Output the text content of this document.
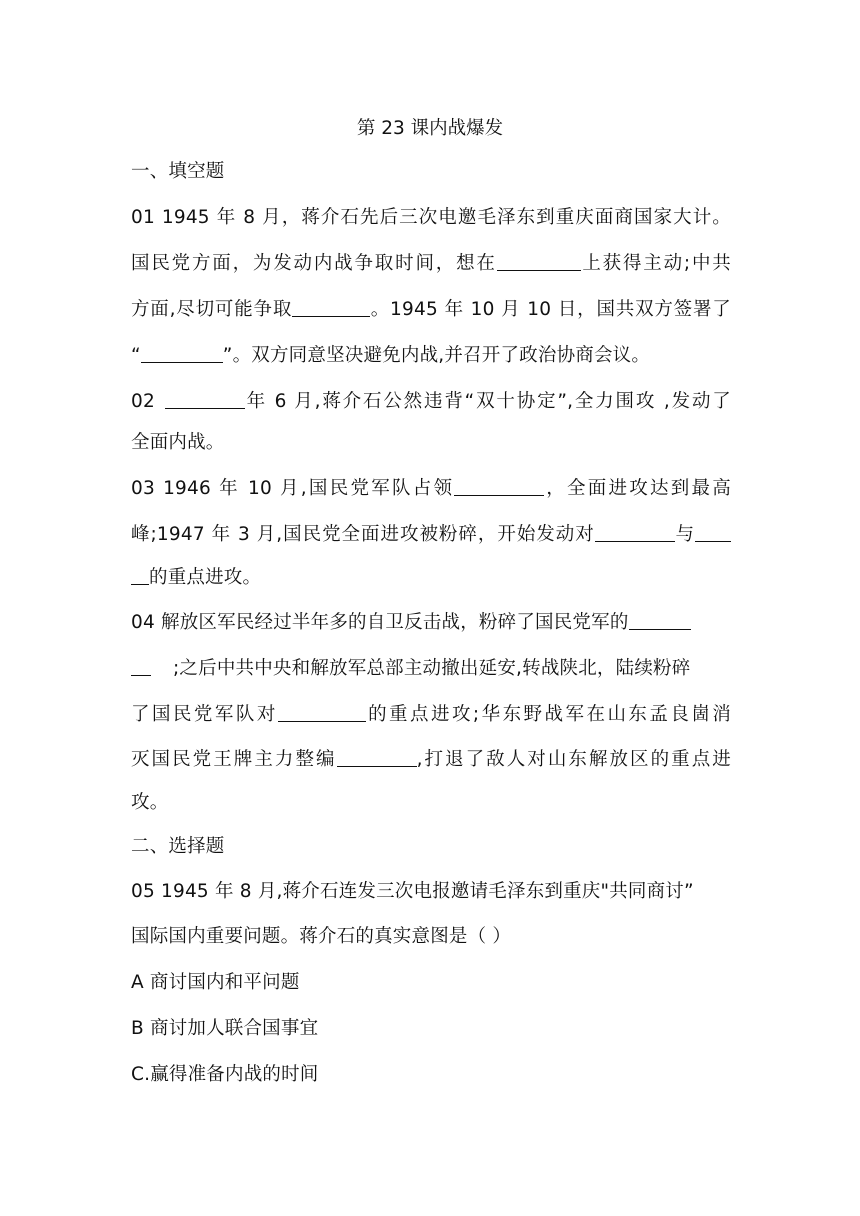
第 23 课内战爆发
一、填空题
01 1945 年 8 月，蒋介石先后三次电邀毛泽东到重庆面商国家大计。
国民党方面，为发动内战争取时间，想在	上获得主动;中共
方面,尽切可能争取	。1945 年 10 月 10 日，国共双方签署了
“	”。双方同意坚决避免内战,并召开了政治协商会议。
02	年 6 月,蒋介石公然违背“双十协定”,全力围攻 ,发动了
全面内战。
03 1946 年 10 月,国民党军队占领	，全面进攻达到最高
峰;1947 年 3 月,国民党全面进攻被粉碎，开始发动对	与
的重点进攻。
04 解放区军民经过半年多的自卫反击战，粉碎了国民党军的
;之后中共中央和解放军总部主动撤出延安,转战陕北，陆续粉碎
了国民党军队对	的重点进攻;华东野战军在山东孟良崮消
灭国民党王牌主力整编	,打退了敌人对山东解放区的重点进
攻。
二、选择题
05 1945 年 8 月,蒋介石连发三次电报邀请毛泽东到重庆"共同商讨”
国际国内重要问题。蒋介石的真实意图是（ ）
A 商讨国内和平问题
B 商讨加人联合国事宜
C.赢得准备内战的时间
